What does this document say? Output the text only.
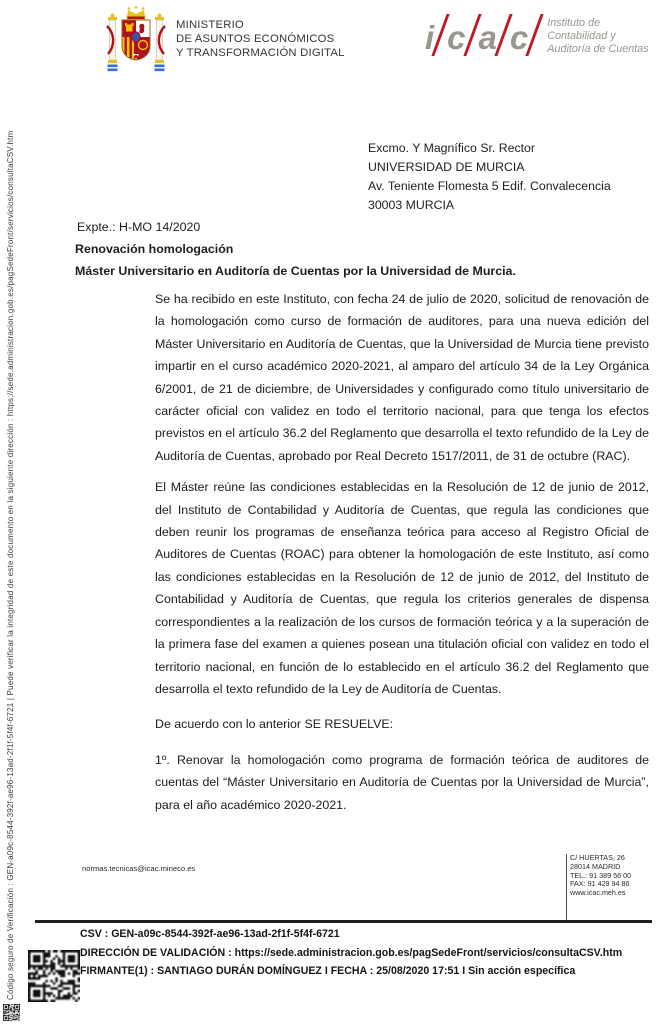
Código seguro de Verificación : GEN-a09c-8544-392f-ae96-13ad-2f1f-5f4f-6721 | Puede verificar la integridad de este documento en la siguiente dirección : https://sede.administracion.gob.es/pagSedeFront/servicios/consultaCSV.htm
MINISTERIO
DE ASUNTOS ECONÓMICOS
Y TRANSFORMACIÓN DIGITAL i c a c Instituto de Contabilidad y
Auditoría de Cuentas
Excmo. Y Magnífico Sr. Rector
UNIVERSIDAD DE MURCIA
Av. Teniente Flomesta 5 Edif. Convalecencia
30003 MURCIA
Expte.: H-MO 14/2020
Renovación homologación
Máster Universitario en Auditoría de Cuentas por la Universidad de Murcia.

Se ha recibido en este Instituto, con fecha 24 de julio de 2020, solicitud de renovación de la homologación como curso de formación de auditores, para una nueva edición del Máster Universitario en Auditoría de Cuentas, que la Universidad de Murcia tiene previsto impartir en el curso académico 2020-2021, al amparo del artículo 34 de la Ley Orgánica 6/2001, de 21 de diciembre, de Universidades y configurado como título universitario de carácter oficial con validez en todo el territorio nacional, para que tenga los efectos previstos en el artículo 36.2 del Reglamento que desarrolla el texto refundido de la Ley de Auditoría de Cuentas, aprobado por Real Decreto 1517/2011, de 31 de octubre (RAC).

El Máster reúne las condiciones establecidas en la Resolución de 12 de junio de 2012, del Instituto de Contabilidad y Auditoría de Cuentas, que regula las condiciones que deben reunir los programas de enseñanza teórica para acceso al Registro Oficial de Auditores de Cuentas (ROAC) para obtener la homologación de este Instituto, así como las condiciones establecidas en la Resolución de 12 de junio de 2012, del Instituto de Contabilidad y Auditoría de Cuentas, que regula los criterios generales de dispensa correspondientes a la realización de los cursos de formación teórica y a la superación de la primera fase del examen a quienes posean una titulación oficial con validez en todo el territorio nacional, en función de lo establecido en el artículo 36.2 del Reglamento que desarrolla el texto refundido de la Ley de Auditoría de Cuentas.

De acuerdo con lo anterior SE RESUELVE:

1º. Renovar la homologación como programa de formación teórica de auditores de cuentas del “Máster Universitario en Auditoría de Cuentas por la Universidad de Murcia”, para el año académico 2020-2021.

normas.tecnicas@icac.mineco.es
C/ HUERTAS, 26
28014 MADRID
TEL.: 91 389 56 00
FAX: 91 429 94 86
www.icac.meh.es
CSV : GEN-a09c-8544-392f-ae96-13ad-2f1f-5f4f-6721
DIRECCIÓN DE VALIDACIÓN : https://sede.administracion.gob.es/pagSedeFront/servicios/consultaCSV.htm
FIRMANTE(1) : SANTIAGO DURÁN DOMÍNGUEZ I FECHA : 25/08/2020 17:51 I Sin acción específica
